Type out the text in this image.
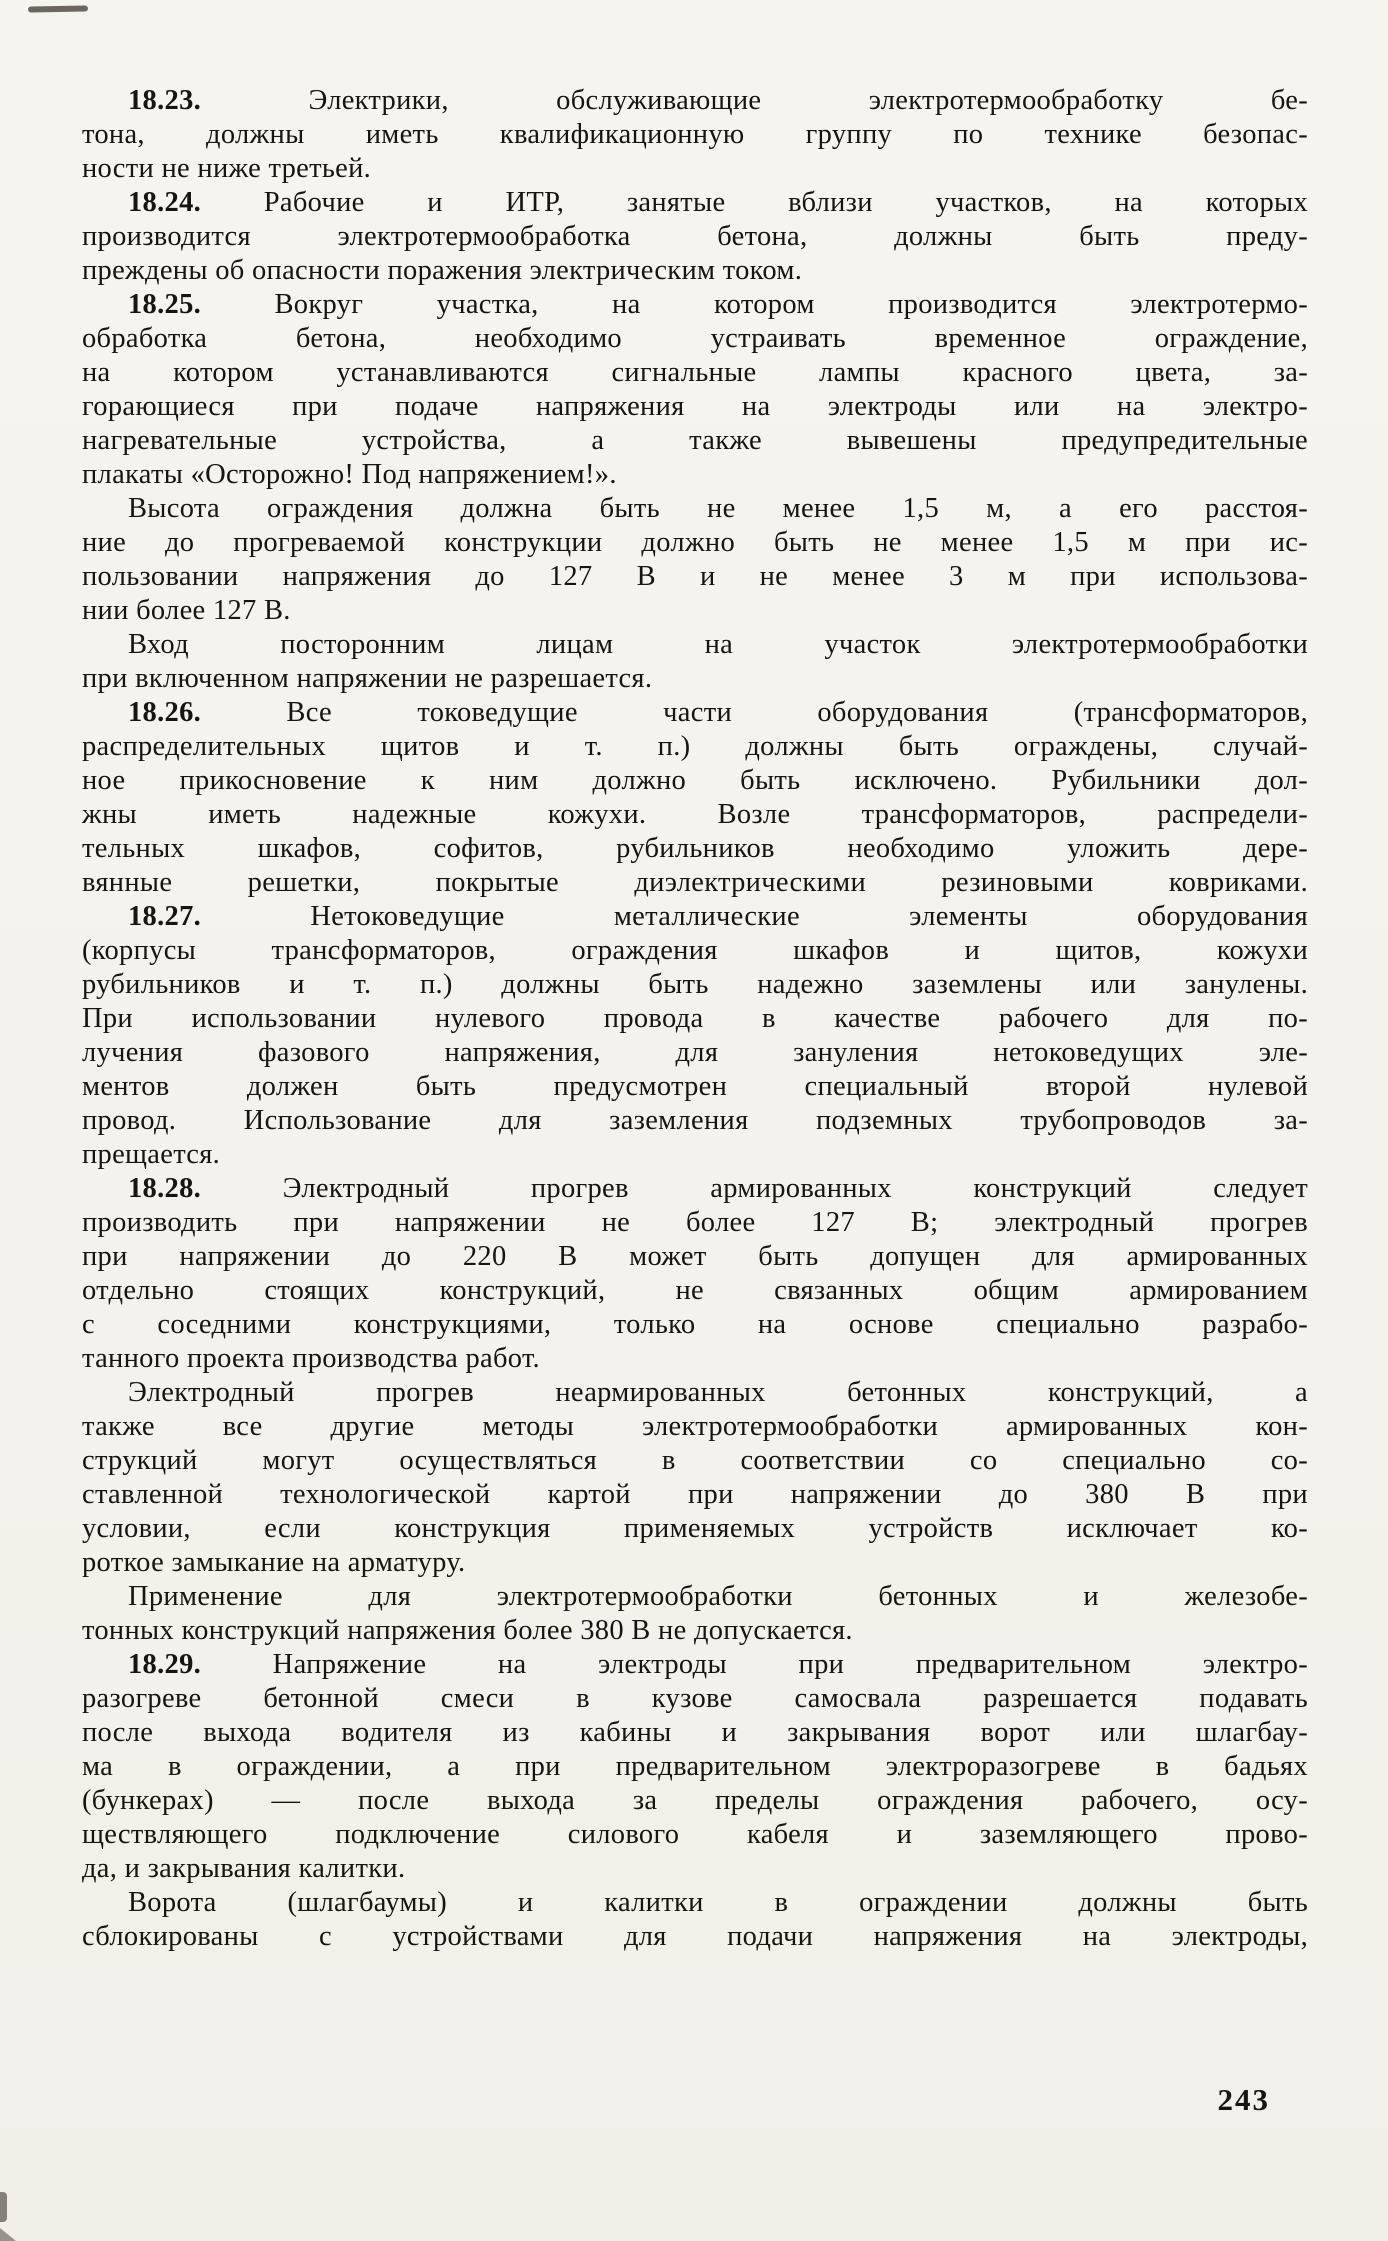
18.23. Электрики, обслуживающие электротермообработку бе-
тона, должны иметь квалификационную группу по технике безопас-
ности не ниже третьей.
18.24. Рабочие и ИТР, занятые вблизи участков, на которых
производится электротермообработка бетона, должны быть преду-
преждены об опасности поражения электрическим током.
18.25. Вокруг участка, на котором производится электротермо-
обработка бетона, необходимо устраивать временное ограждение,
на котором устанавливаются сигнальные лампы красного цвета, за-
горающиеся при подаче напряжения на электроды или на электро-
нагревательные устройства, а также вывешены предупредительные
плакаты «Осторожно! Под напряжением!».
Высота ограждения должна быть не менее 1,5 м, а его расстоя-
ние до прогреваемой конструкции должно быть не менее 1,5 м при ис-
пользовании напряжения до 127 В и не менее 3 м при использова-
нии более 127 В.
Вход посторонним лицам на участок электротермообработки
при включенном напряжении не разрешается.
18.26. Все токоведущие части оборудования (трансформаторов,
распределительных щитов и т. п.) должны быть ограждены, случай-
ное прикосновение к ним должно быть исключено. Рубильники дол-
жны иметь надежные кожухи. Возле трансформаторов, распредели-
тельных шкафов, софитов, рубильников необходимо уложить дере-
вянные решетки, покрытые диэлектрическими резиновыми ковриками.
18.27. Нетоковедущие металлические элементы оборудования
(корпусы трансформаторов, ограждения шкафов и щитов, кожухи
рубильников и т. п.) должны быть надежно заземлены или занулены.
При использовании нулевого провода в качестве рабочего для по-
лучения фазового напряжения, для зануления нетоковедущих эле-
ментов должен быть предусмотрен специальный второй нулевой
провод. Использование для заземления подземных трубопроводов за-
прещается.
18.28. Электродный прогрев армированных конструкций следует
производить при напряжении не более 127 В; электродный прогрев
при напряжении до 220 В может быть допущен для армированных
отдельно стоящих конструкций, не связанных общим армированием
с соседними конструкциями, только на основе специально разрабо-
танного проекта производства работ.
Электродный прогрев неармированных бетонных конструкций, а
также все другие методы электротермообработки армированных кон-
струкций могут осуществляться в соответствии со специально со-
ставленной технологической картой при напряжении до 380 В при
условии, если конструкция применяемых устройств исключает ко-
роткое замыкание на арматуру.
Применение для электротермообработки бетонных и железобе-
тонных конструкций напряжения более 380 В не допускается.
18.29. Напряжение на электроды при предварительном электро-
разогреве бетонной смеси в кузове самосвала разрешается подавать
после выхода водителя из кабины и закрывания ворот или шлагбау-
ма в ограждении, а при предварительном электроразогреве в бадьях
(бункерах) — после выхода за пределы ограждения рабочего, осу-
ществляющего подключение силового кабеля и заземляющего прово-
да, и закрывания калитки.
Ворота (шлагбаумы) и калитки в ограждении должны быть
сблокированы с устройствами для подачи напряжения на электроды,
243
